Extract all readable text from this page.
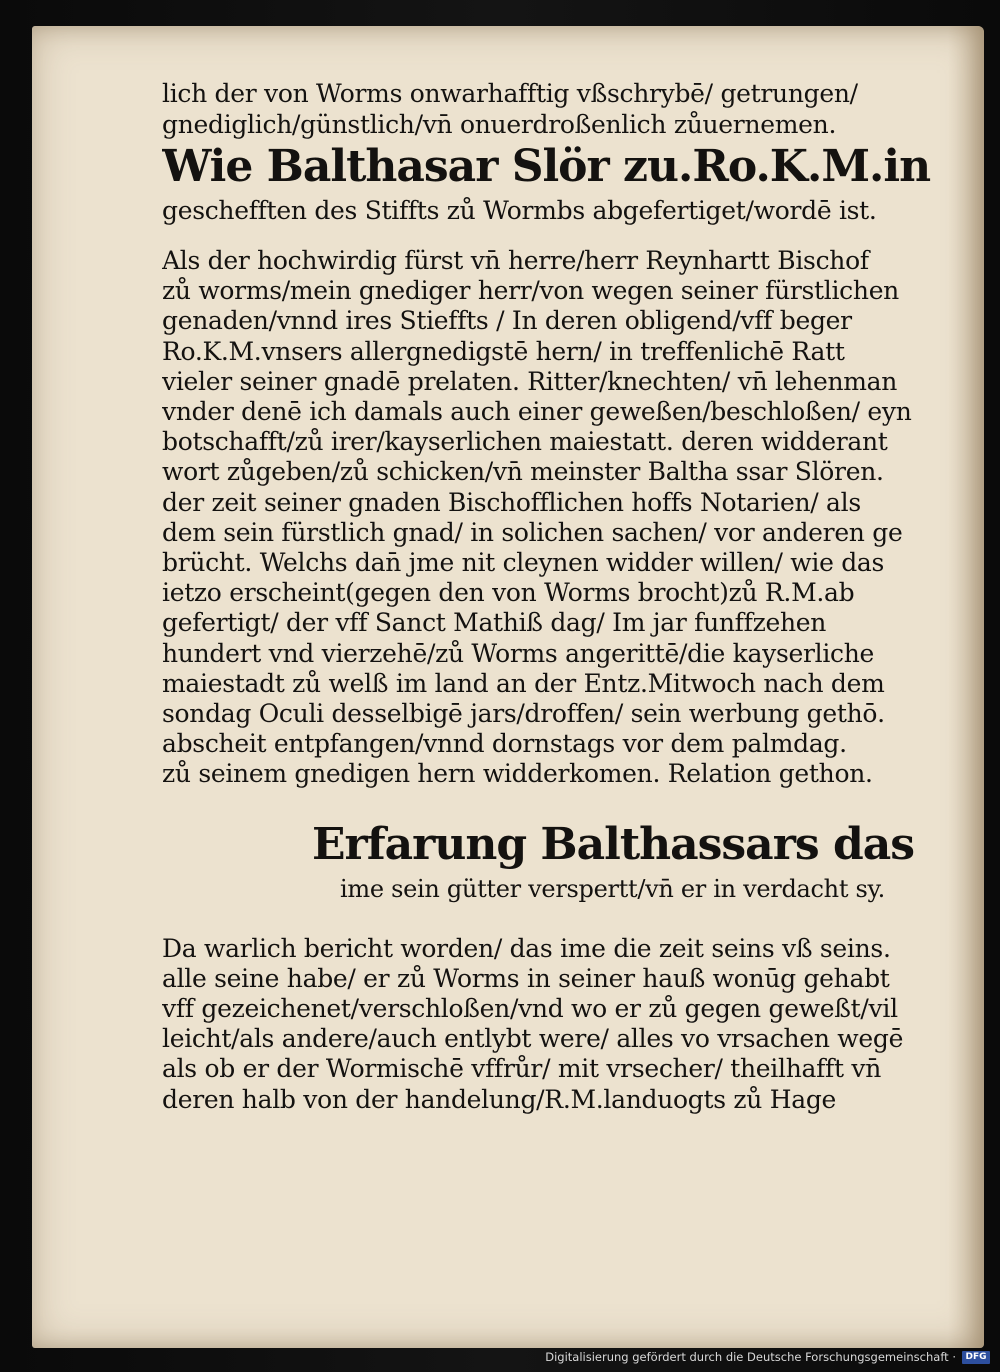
lich der von Worms onwarhafftig vßschrybē/ getrungen/
gnediglich/günstlich/vn̄ onuerdroßenlich zůuernemen.
Wie Balthasar Slör zu.Ro.K.M.in
geschefften des Stiffts zů Wormbs abgefertiget/wordē ist.
Als der hochwirdig fürst vn̄ herre/herr Reynhartt Bischof
zů worms/mein gnediger herr/von wegen seiner fürstlichen
genaden/vnnd ires Stieffts / In deren obligend/vff beger
Ro.K.M.vnsers allergnedigstē hern/ in treffenlichē Ratt
vieler seiner gnadē prelaten. Ritter/knechten/ vn̄ lehenman
vnder denē ich damals auch einer geweßen/beschloßen/ eyn
botschafft/zů irer/kayserlichen maiestatt. deren widderant
wort zůgeben/zů schicken/vn̄ meinster Baltha ssar Slören.
der zeit seiner gnaden Bischofflichen hoffs Notarien/ als
dem sein fürstlich gnad/ in solichen sachen/ vor anderen ge
brücht. Welchs dan̄ jme nit cleynen widder willen/ wie das
ietzo erscheint(gegen den von Worms brocht)zů R.M.ab
gefertigt/ der vff Sanct Mathiß dag/ Im jar funffzehen
hundert vnd vierzehē/zů Worms angerittē/die kayserliche
maiestadt zů welß im land an der Entz.Mitwoch nach dem
sondag Oculi desselbigē jars/droffen/ sein werbung gethō.
abscheit entpfangen/vnnd dornstags vor dem palmdag.
zů seinem gnedigen hern widderkomen. Relation gethon.
Erfarung Balthassars das
ime sein gütter verspertt/vn̄ er in verdacht sy.
Da warlich bericht worden/ das ime die zeit seins vß seins.
alle seine habe/ er zů Worms in seiner hauß wonūg gehabt
vff gezeichenet/verschloßen/vnd wo er zů gegen geweßt/vil
leicht/als andere/auch entlybt were/ alles vo vrsachen wegē
als ob er der Wormischē vffrůr/ mit vrsecher/ theilhafft vn̄
deren halb von der handelung/R.M.landuogts zů Hage
Digitalisierung gefördert durch die Deutsche Forschungsgemeinschaft ·	DFG
